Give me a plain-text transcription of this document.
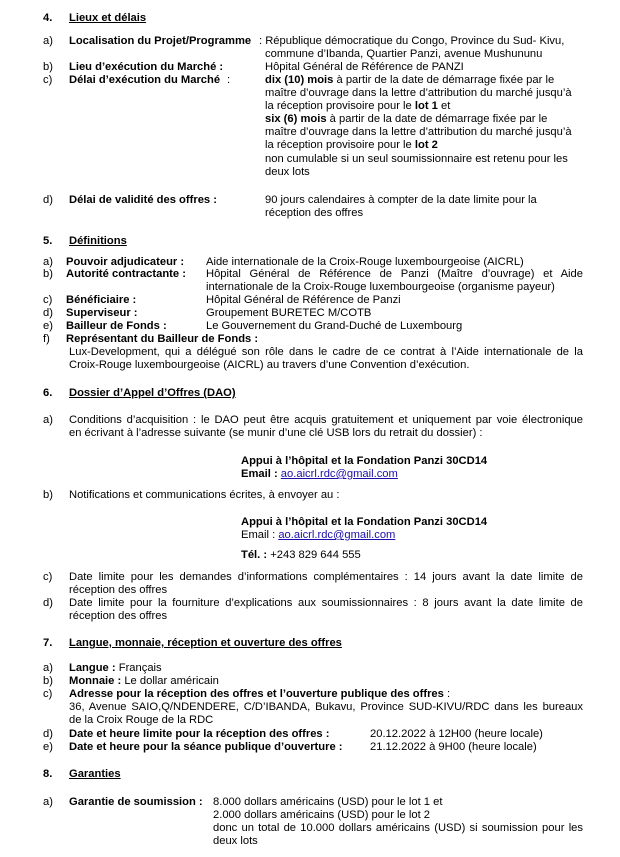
4. Lieux et délais
a) Localisation du Projet/Programme : République démocratique du Congo, Province du Sud- Kivu,
commune d’Ibanda, Quartier Panzi, avenue Mushununu
b) Lieu d’exécution du Marché :	Hôpital Général de Référence de PANZI
c) Délai d’exécution du Marché :	dix (10) mois à partir de la date de démarrage fixée par le
maître d’ouvrage dans la lettre d’attribution du marché jusqu’à
la réception provisoire pour le lot 1 et
six (6) mois à partir de la date de démarrage fixée par le
maître d’ouvrage dans la lettre d’attribution du marché jusqu’à
la réception provisoire pour le lot 2
non cumulable si un seul soumissionnaire est retenu pour les
deux lots
d) Délai de validité des offres :	90 jours calendaires à compter de la date limite pour la
réception des offres
5. Définitions
a) Pouvoir adjudicateur : Aide internationale de la Croix-Rouge luxembourgeoise (AICRL)
b) Autorité contractante : Hôpital Général de Référence de Panzi (Maître d’ouvrage) et Aide
internationale de la Croix-Rouge luxembourgeoise (organisme payeur)
c) Bénéficiaire :	Hôpital Général de Référence de Panzi
d) Superviseur :	Groupement BURETEC M/COTB
e) Bailleur de Fonds :	Le Gouvernement du Grand-Duché de Luxembourg
f) Représentant du Bailleur de Fonds :
Lux-Development, qui a délégué son rôle dans le cadre de ce contrat à l’Aide internationale de la
Croix-Rouge luxembourgeoise (AICRL) au travers d’une Convention d’exécution.
6. Dossier d’Appel d’Offres (DAO)
a) Conditions d’acquisition : le DAO peut être acquis gratuitement et uniquement par voie électronique
en écrivant à l’adresse suivante (se munir d’une clé USB lors du retrait du dossier) :
Appui à l’hôpital et la Fondation Panzi 30CD14
Email : ao.aicrl.rdc@gmail.com
b) Notifications et communications écrites, à envoyer au :
Appui à l’hôpital et la Fondation Panzi 30CD14
Email : ao.aicrl.rdc@gmail.com
Tél. : +243 829 644 555
c) Date limite pour les demandes d’informations complémentaires : 14 jours avant la date limite de
réception des offres
d) Date limite pour la fourniture d’explications aux soumissionnaires : 8 jours avant la date limite de
réception des offres
7. Langue, monnaie, réception et ouverture des offres
a) Langue : Français
b) Monnaie : Le dollar américain
c) Adresse pour la réception des offres et l’ouverture publique des offres :
36, Avenue SAIO,Q/NDENDERE, C/D’IBANDA, Bukavu, Province SUD-KIVU/RDC dans les bureaux
de la Croix Rouge de la RDC
d) Date et heure limite pour la réception des offres :	20.12.2022 à 12H00 (heure locale)
e) Date et heure pour la séance publique d’ouverture : 21.12.2022 à 9H00 (heure locale)
8. Garanties
a) Garantie de soumission : 8.000 dollars américains (USD) pour le lot 1 et
2.000 dollars américains (USD) pour le lot 2
donc un total de 10.000 dollars américains (USD) si soumission pour les
deux lots
